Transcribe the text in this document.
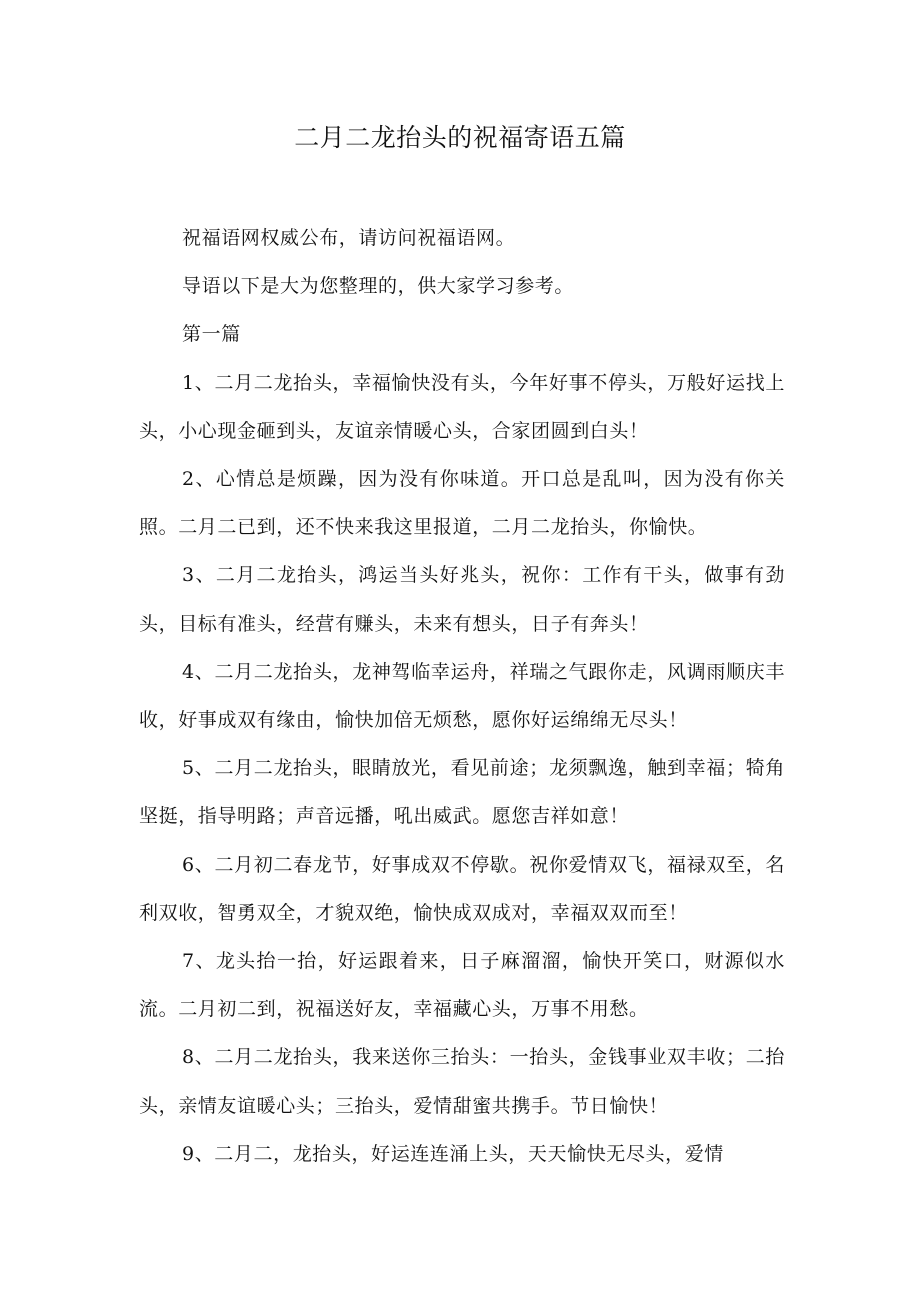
二月二龙抬头的祝福寄语五篇

祝福语网权威公布，请访问祝福语网。

导语以下是大为您整理的，供大家学习参考。

第一篇

1、二月二龙抬头，幸福愉快没有头，今年好事不停头，万般好运找上头，小心现金砸到头，友谊亲情暖心头，合家团圆到白头！

2、心情总是烦躁，因为没有你味道。开口总是乱叫，因为没有你关照。二月二已到，还不快来我这里报道，二月二龙抬头，你愉快。

3、二月二龙抬头，鸿运当头好兆头，祝你：工作有干头，做事有劲头，目标有准头，经营有赚头，未来有想头，日子有奔头！

4、二月二龙抬头，龙神驾临幸运舟，祥瑞之气跟你走，风调雨顺庆丰收，好事成双有缘由，愉快加倍无烦愁，愿你好运绵绵无尽头！

5、二月二龙抬头，眼睛放光，看见前途；龙须飘逸，触到幸福；犄角坚挺，指导明路；声音远播，吼出威武。愿您吉祥如意！

6、二月初二春龙节，好事成双不停歇。祝你爱情双飞，福禄双至，名利双收，智勇双全，才貌双绝，愉快成双成对，幸福双双而至！

7、龙头抬一抬，好运跟着来，日子麻溜溜，愉快开笑口，财源似水流。二月初二到，祝福送好友，幸福藏心头，万事不用愁。

8、二月二龙抬头，我来送你三抬头：一抬头，金钱事业双丰收；二抬头，亲情友谊暖心头；三抬头，爱情甜蜜共携手。节日愉快！

9、二月二，龙抬头，好运连连涌上头，天天愉快无尽头，爱情
